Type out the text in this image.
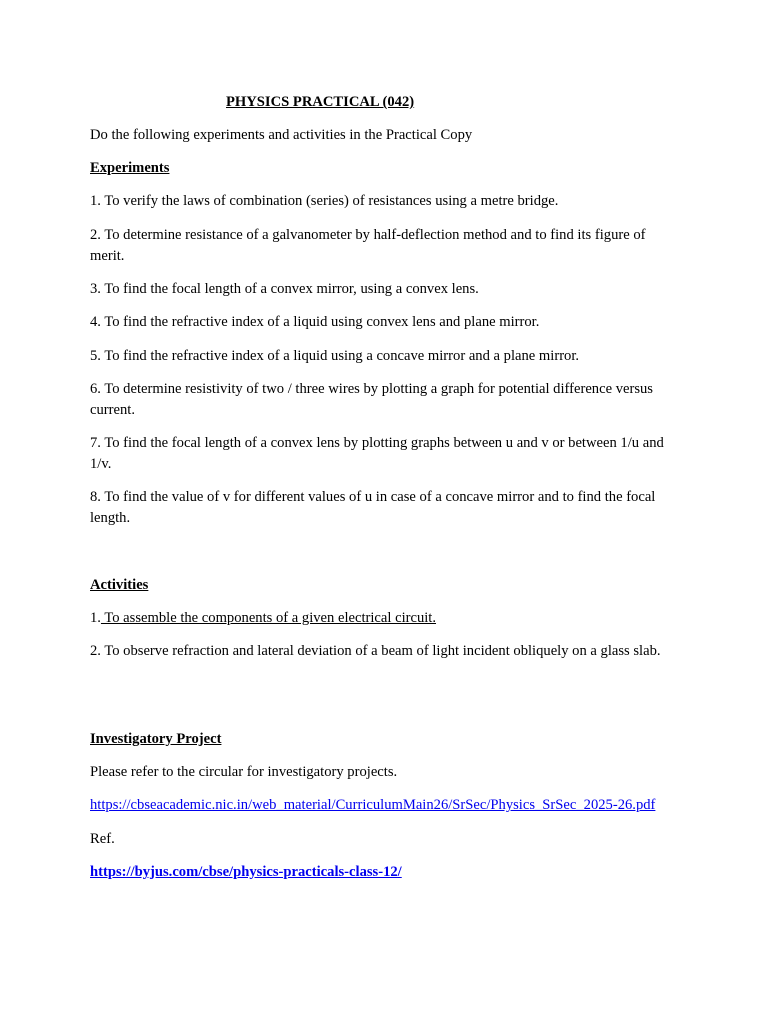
PHYSICS PRACTICAL (042)

Do the following experiments and activities in the Practical Copy

Experiments

1. To verify the laws of combination (series) of resistances using a metre bridge.

2. To determine resistance of a galvanometer by half-deflection method and to find its figure of merit.

3. To find the focal length of a convex mirror, using a convex lens.

4. To find the refractive index of a liquid using convex lens and plane mirror.

5. To find the refractive index of a liquid using a concave mirror and a plane mirror.

6. To determine resistivity of two / three wires by plotting a graph for potential difference versus current.

7. To find the focal length of a convex lens by plotting graphs between u and v or between 1/u and 1/v.

8. To find the value of v for different values of u in case of a concave mirror and to find the focal length.

Activities

1. To assemble the components of a given electrical circuit.

2. To observe refraction and lateral deviation of a beam of light incident obliquely on a glass slab.

Investigatory Project

Please refer to the circular for investigatory projects.

https://cbseacademic.nic.in/web_material/CurriculumMain26/SrSec/Physics_SrSec_2025-26.pdf

Ref.

https://byjus.com/cbse/physics-practicals-class-12/
